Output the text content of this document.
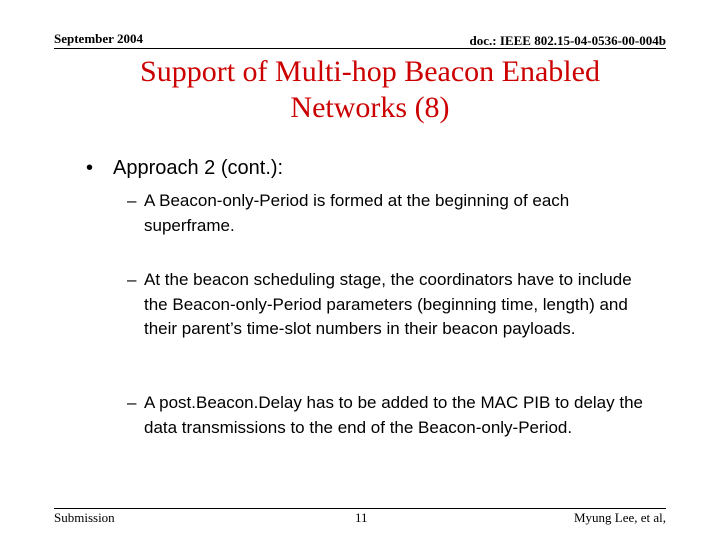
September 2004	doc.: IEEE 802.15-04-0536-00-004b
Support of Multi-hop Beacon Enabled
Networks (8)
• Approach 2 (cont.):
– A Beacon-only-Period is formed at the beginning of each superframe.
– At the beacon scheduling stage, the coordinators have to include the Beacon-only-Period parameters (beginning time, length) and their parent’s time-slot numbers in their beacon payloads.
– A post.Beacon.Delay has to be added to the MAC PIB to delay the data transmissions to the end of the Beacon-only-Period.
Submission	11	Myung Lee, et al,
